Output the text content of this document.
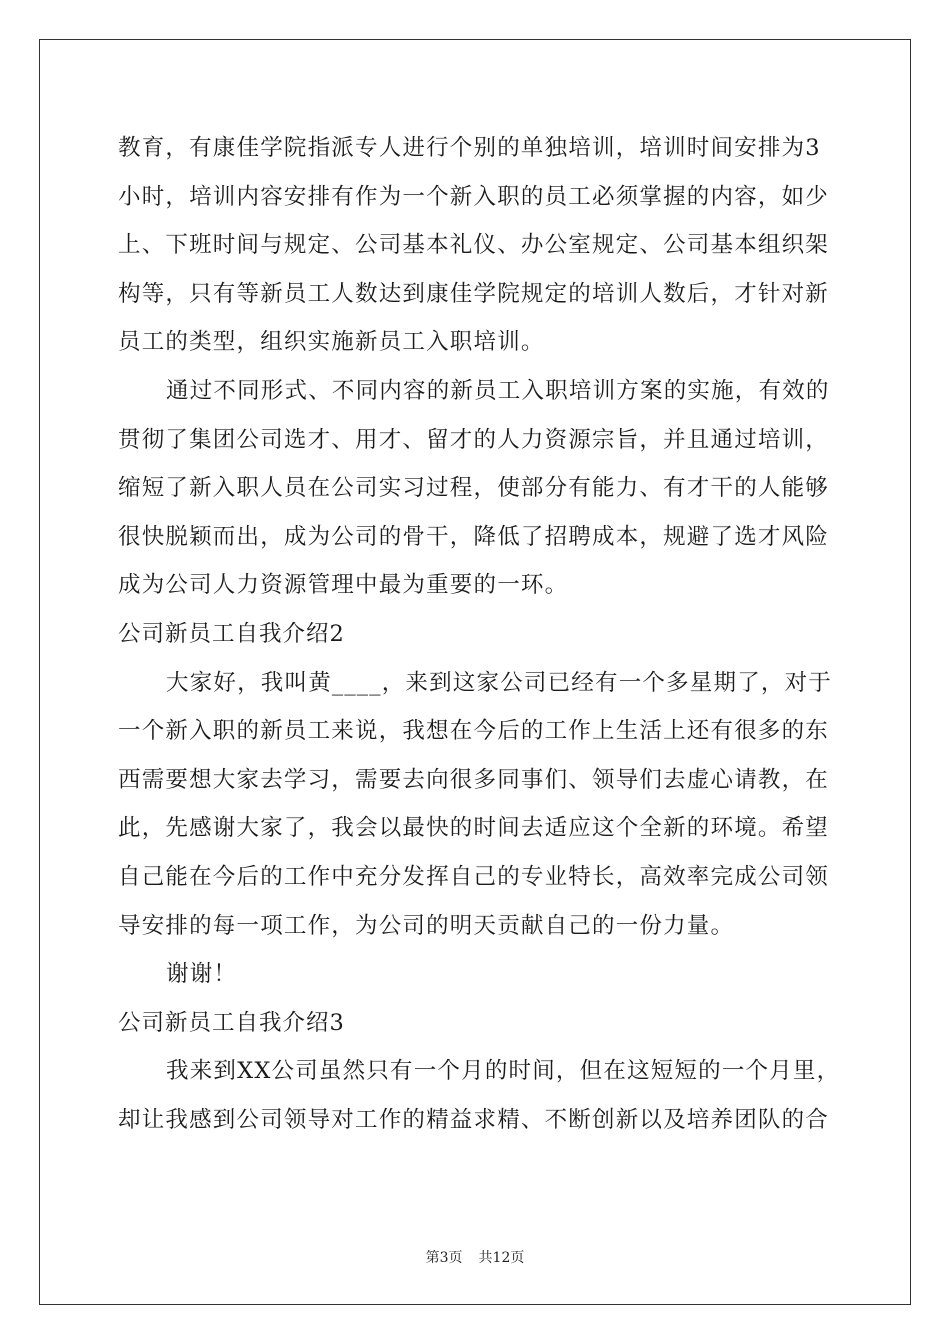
教育，有康佳学院指派专人进行个别的单独培训，培训时间安排为3
小时，培训内容安排有作为一个新入职的员工必须掌握的内容，如少
上、下班时间与规定、公司基本礼仪、办公室规定、公司基本组织架
构等，只有等新员工人数达到康佳学院规定的培训人数后，才针对新
员工的类型，组织实施新员工入职培训。
通过不同形式、不同内容的新员工入职培训方案的实施，有效的
贯彻了集团公司选才、用才、留才的人力资源宗旨，并且通过培训，
缩短了新入职人员在公司实习过程，使部分有能力、有才干的人能够
很快脱颖而出，成为公司的骨干，降低了招聘成本，规避了选才风险
成为公司人力资源管理中最为重要的一环。
公司新员工自我介绍2
大家好，我叫黄____，来到这家公司已经有一个多星期了，对于
一个新入职的新员工来说，我想在今后的工作上生活上还有很多的东
西需要想大家去学习，需要去向很多同事们、领导们去虚心请教，在
此，先感谢大家了，我会以最快的时间去适应这个全新的环境。希望
自己能在今后的工作中充分发挥自己的专业特长，高效率完成公司领
导安排的每一项工作，为公司的明天贡献自己的一份力量。
谢谢！
公司新员工自我介绍3
我来到XX公司虽然只有一个月的时间，但在这短短的一个月里，
却让我感到公司领导对工作的精益求精、不断创新以及培养团队的合
第3页 共12页
